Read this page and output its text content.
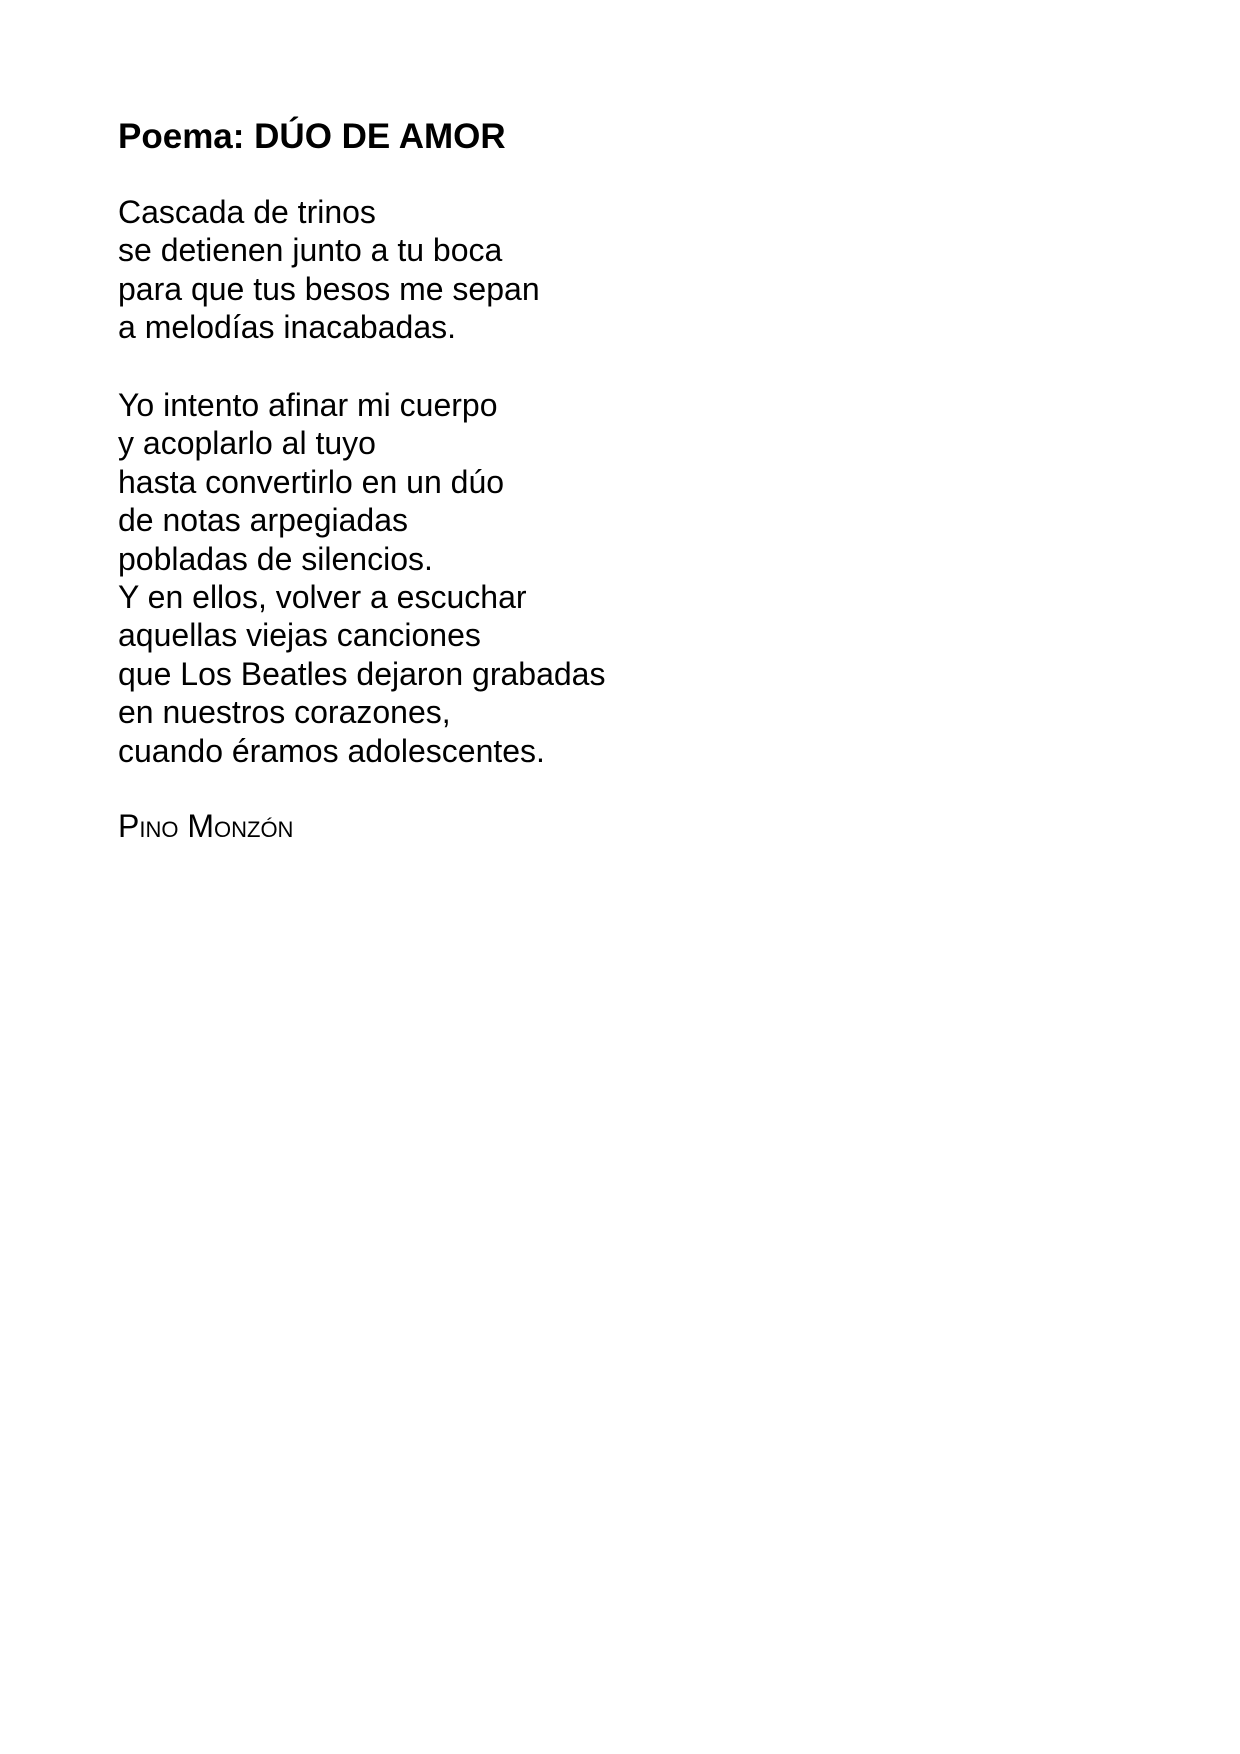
Poema: DÚO DE AMOR
Cascada de trinos
se detienen junto a tu boca
para que tus besos me sepan
a melodías inacabadas.
Yo intento afinar mi cuerpo
y acoplarlo al tuyo
hasta convertirlo en un dúo
de notas arpegiadas
pobladas de silencios.
Y en ellos, volver a escuchar
aquellas viejas canciones
que Los Beatles dejaron grabadas
en nuestros corazones,
cuando éramos adolescentes.

Pino Monzón
